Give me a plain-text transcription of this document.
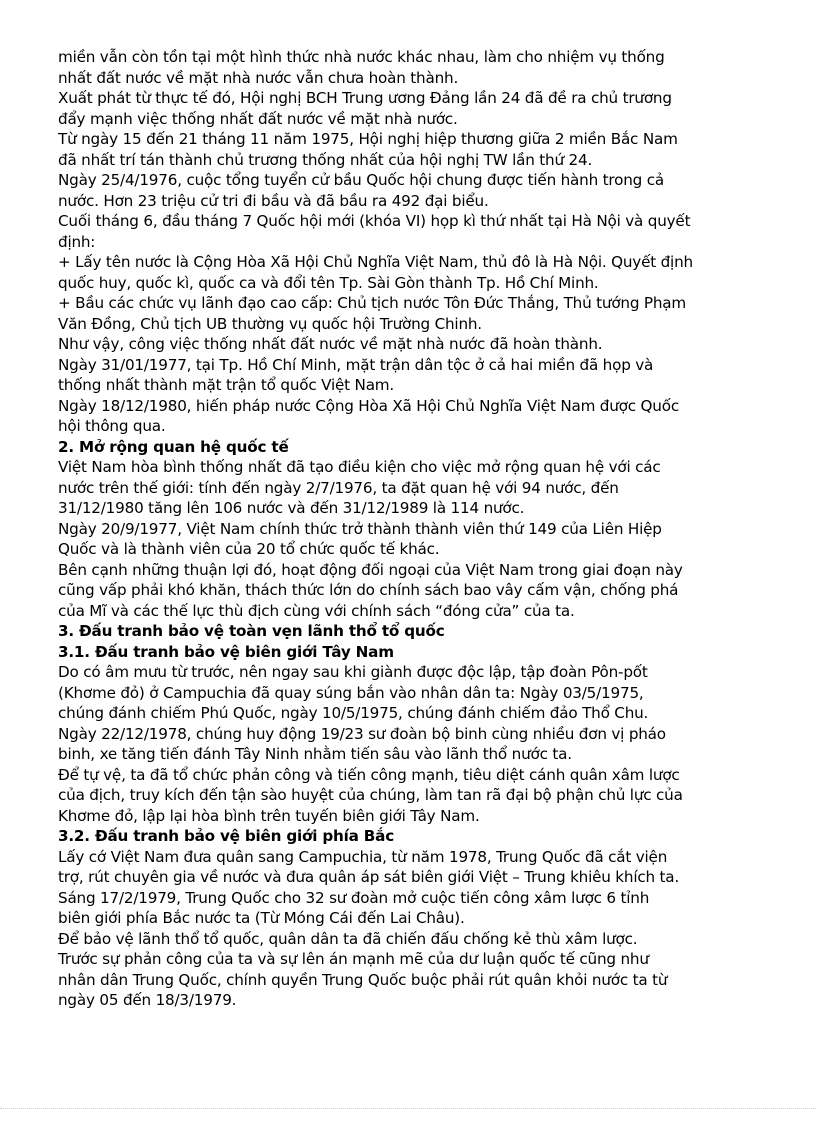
miền vẫn còn tồn tại một hình thức nhà nước khác nhau, làm cho nhiệm vụ thống
nhất đất nước về mặt nhà nước vẫn chưa hoàn thành.
Xuất phát từ thực tế đó, Hội nghị BCH Trung ương Đảng lần 24 đã đề ra chủ trương
đẩy mạnh việc thống nhất đất nước về mặt nhà nước.
Từ ngày 15 đến 21 tháng 11 năm 1975, Hội nghị hiệp thương giữa 2 miền Bắc Nam
đã nhất trí tán thành chủ trương thống nhất của hội nghị TW lần thứ 24.
Ngày 25/4/1976, cuộc tổng tuyển cử bầu Quốc hội chung được tiến hành trong cả
nước. Hơn 23 triệu cử tri đi bầu và đã bầu ra 492 đại biểu.
Cuối tháng 6, đầu tháng 7 Quốc hội mới (khóa VI) họp kì thứ nhất tại Hà Nội và quyết
định:
+ Lấy tên nước là Cộng Hòa Xã Hội Chủ Nghĩa Việt Nam, thủ đô là Hà Nội. Quyết định
quốc huy, quốc kì, quốc ca và đổi tên Tp. Sài Gòn thành Tp. Hồ Chí Minh.
+ Bầu các chức vụ lãnh đạo cao cấp: Chủ tịch nước Tôn Đức Thắng, Thủ tướng Phạm
Văn Đồng, Chủ tịch UB thường vụ quốc hội Trường Chinh.
Như vậy, công việc thống nhất đất nước về mặt nhà nước đã hoàn thành.
Ngày 31/01/1977, tại Tp. Hồ Chí Minh, mặt trận dân tộc ở cả hai miền đã họp và
thống nhất thành mặt trận tổ quốc Việt Nam.
Ngày 18/12/1980, hiến pháp nước Cộng Hòa Xã Hội Chủ Nghĩa Việt Nam được Quốc
hội thông qua.
2. Mở rộng quan hệ quốc tế
Việt Nam hòa bình thống nhất đã tạo điều kiện cho việc mở rộng quan hệ với các
nước trên thế giới: tính đến ngày 2/7/1976, ta đặt quan hệ với 94 nước, đến
31/12/1980 tăng lên 106 nước và đến 31/12/1989 là 114 nước.
Ngày 20/9/1977, Việt Nam chính thức trở thành thành viên thứ 149 của Liên Hiệp
Quốc và là thành viên của 20 tổ chức quốc tế khác.
Bên cạnh những thuận lợi đó, hoạt động đối ngoại của Việt Nam trong giai đoạn này
cũng vấp phải khó khăn, thách thức lớn do chính sách bao vây cấm vận, chống phá
của Mĩ và các thế lực thù địch cùng với chính sách “đóng cửa” của ta.
3. Đấu tranh bảo vệ toàn vẹn lãnh thổ tổ quốc
3.1. Đấu tranh bảo vệ biên giới Tây Nam
Do có âm mưu từ trước, nên ngay sau khi giành được độc lập, tập đoàn Pôn-pốt
(Khơme đỏ) ở Campuchia đã quay súng bắn vào nhân dân ta: Ngày 03/5/1975,
chúng đánh chiếm Phú Quốc, ngày 10/5/1975, chúng đánh chiếm đảo Thổ Chu.
Ngày 22/12/1978, chúng huy động 19/23 sư đoàn bộ binh cùng nhiều đơn vị pháo
binh, xe tăng tiến đánh Tây Ninh nhằm tiến sâu vào lãnh thổ nước ta.
Để tự vệ, ta đã tổ chức phản công và tiến công mạnh, tiêu diệt cánh quân xâm lược
của địch, truy kích đến tận sào huyệt của chúng, làm tan rã đại bộ phận chủ lực của
Khơme đỏ, lập lại hòa bình trên tuyến biên giới Tây Nam.
3.2. Đấu tranh bảo vệ biên giới phía Bắc
Lấy cớ Việt Nam đưa quân sang Campuchia, từ năm 1978, Trung Quốc đã cắt viện
trợ, rút chuyên gia về nước và đưa quân áp sát biên giới Việt – Trung khiêu khích ta.
Sáng 17/2/1979, Trung Quốc cho 32 sư đoàn mở cuộc tiến công xâm lược 6 tỉnh
biên giới phía Bắc nước ta (Từ Móng Cái đến Lai Châu).
Để bảo vệ lãnh thổ tổ quốc, quân dân ta đã chiến đấu chống kẻ thù xâm lược.
Trước sự phản công của ta và sự lên án mạnh mẽ của dư luận quốc tế cũng như
nhân dân Trung Quốc, chính quyền Trung Quốc buộc phải rút quân khỏi nước ta từ
ngày 05 đến 18/3/1979.
